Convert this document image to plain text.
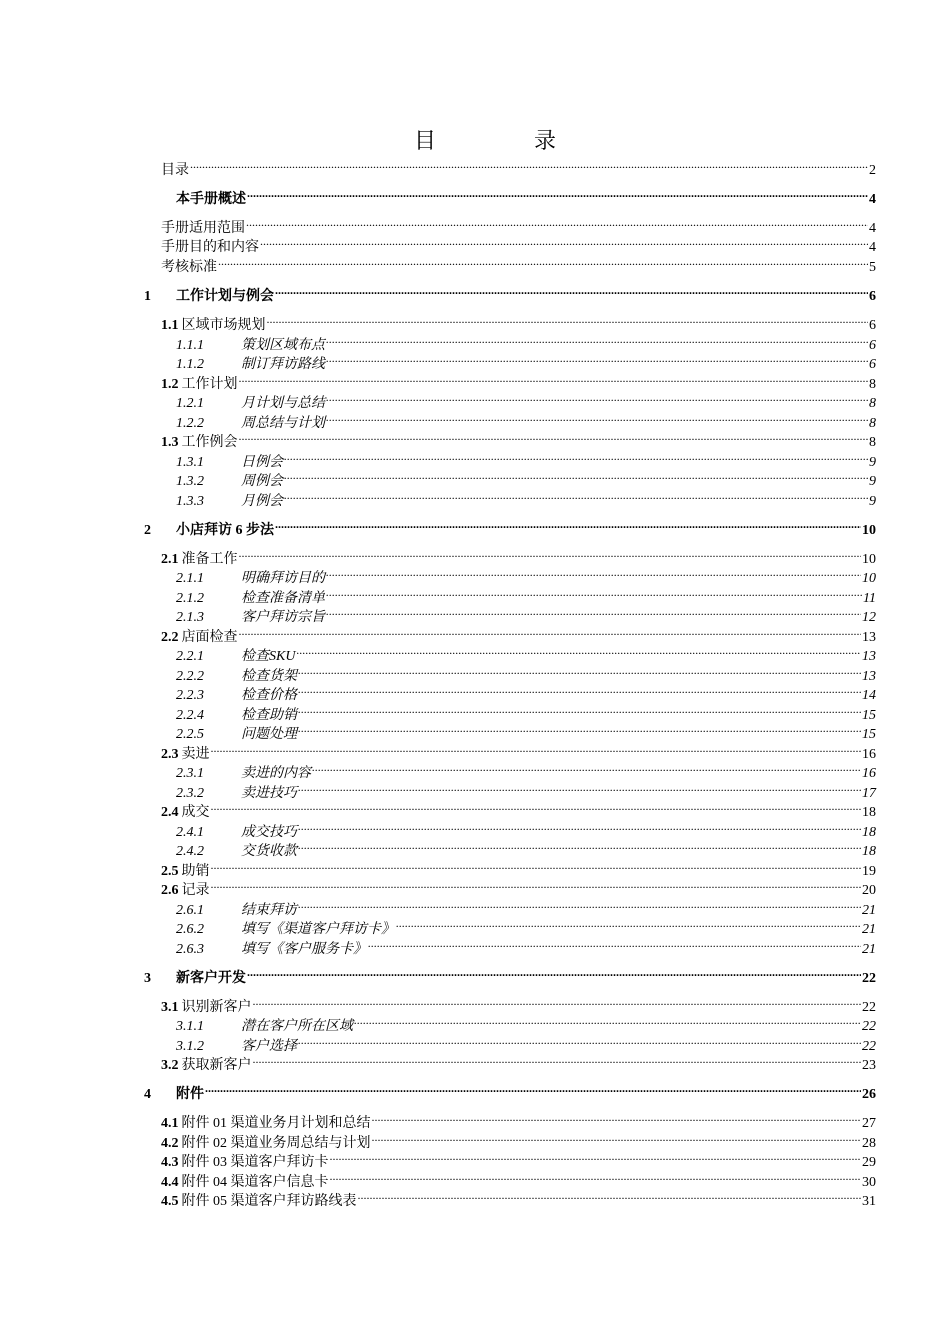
目　录
目录 .....	2
本手册概述 .....	4
手册适用范围 .....	4
手册目的和内容 .....	4
考核标准 .....	5
1	工作计划与例会 .....	6
1.1 区域市场规划 .....	6
1.1.1	策划区域布点 .....	6
1.1.2	制订拜访路线 .....	6
1.2 工作计划 .....	8
1.2.1	月计划与总结 .....	8
1.2.2	周总结与计划 .....	8
1.3 工作例会 .....	8
1.3.1	日例会 .....	9
1.3.2	周例会 .....	9
1.3.3	月例会 .....	9
2	小店拜访 6 步法 .....	10
2.1 准备工作 .....	10
2.1.1	明确拜访目的 .....	10
2.1.2	检查准备清单 .....	11
2.1.3	客户拜访宗旨 .....	12
2.2 店面检查 .....	13
2.2.1	检查SKU .....	13
2.2.2	检查货架 .....	13
2.2.3	检查价格 .....	14
2.2.4	检查助销 .....	15
2.2.5	问题处理 .....	15
2.3 卖进 .....	16
2.3.1	卖进的内容 .....	16
2.3.2	卖进技巧 .....	17
2.4 成交 .....	18
2.4.1	成交技巧 .....	18
2.4.2	交货收款 .....	18
2.5 助销 .....	19
2.6 记录 .....	20
2.6.1	结束拜访 .....	21
2.6.2	填写《渠道客户拜访卡》 .....	21
2.6.3	填写《客户服务卡》 .....	21
3	新客户开发 .....	22
3.1 识别新客户 .....	22
3.1.1	潜在客户所在区域 .....	22
3.1.2	客户选择 .....	22
3.2 获取新客户 .....	23
4	附件 .....	26
4.1 附件 01 渠道业务月计划和总结 .....	27
4.2 附件 02 渠道业务周总结与计划 .....	28
4.3 附件 03 渠道客户拜访卡 .....	29
4.4 附件 04 渠道客户信息卡 .....	30
4.5 附件 05 渠道客户拜访路线表 .....	31
